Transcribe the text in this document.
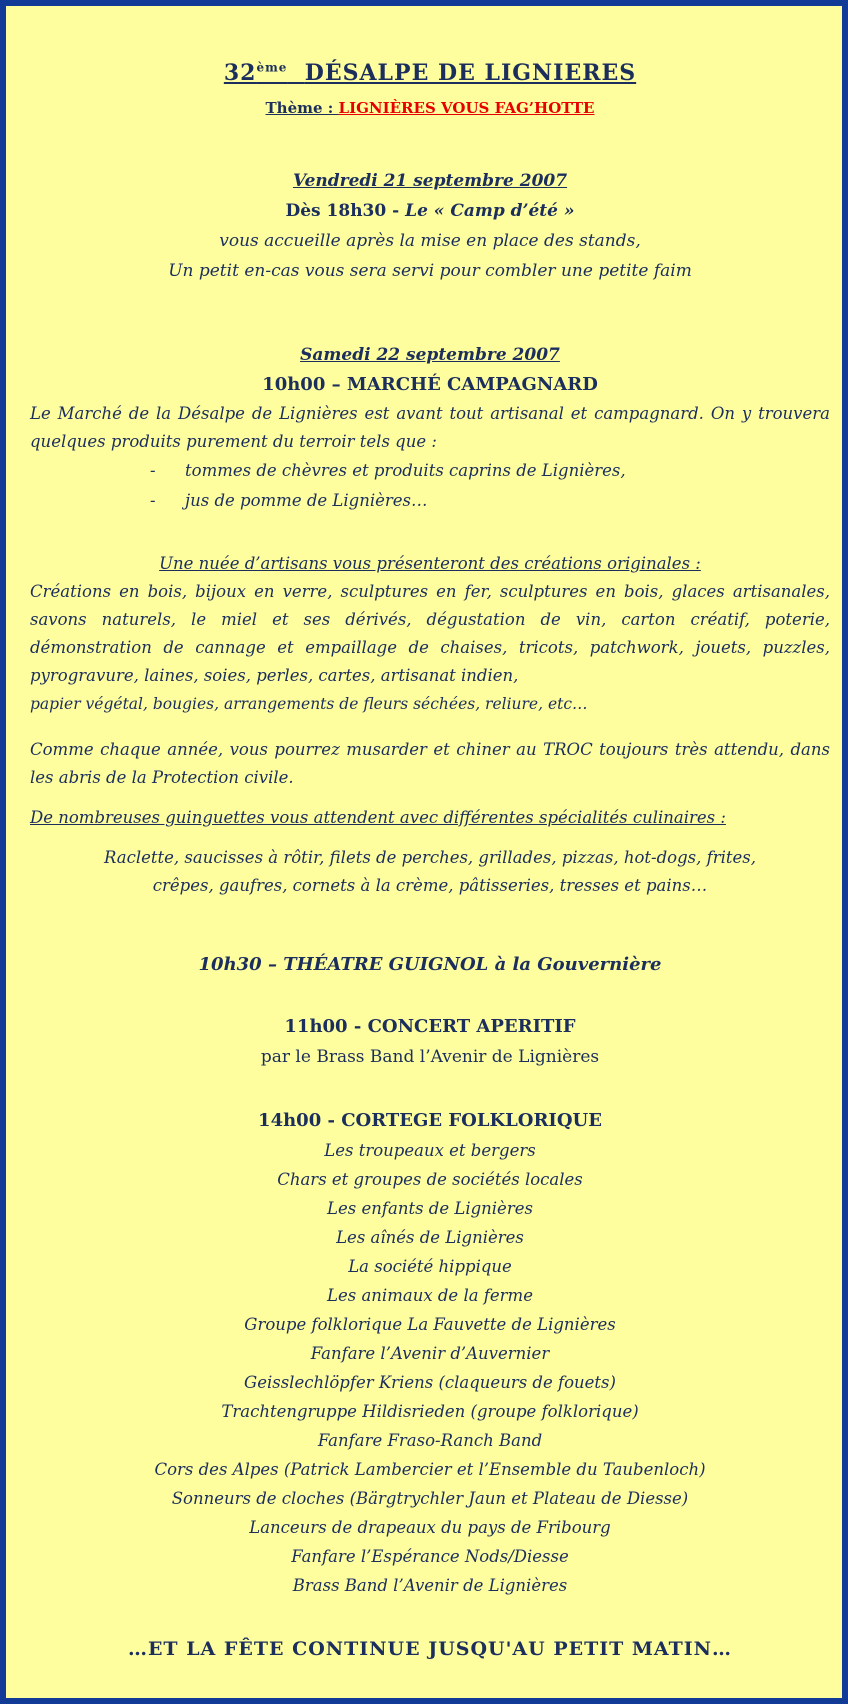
32ème DÉSALPE DE LIGNIERES
Thème : LIGNIÈRES VOUS FAG’HOTTE
Vendredi 21 septembre 2007
Dès 18h30 - Le « Camp d’été »
vous accueille après la mise en place des stands,
Un petit en-cas vous sera servi pour combler une petite faim
Samedi 22 septembre 2007
10h00 – MARCHÉ CAMPAGNARD
Le Marché de la Désalpe de Lignières est avant tout artisanal et campagnard. On y trouvera quelques produits purement du terroir tels que :
- tommes de chèvres et produits caprins de Lignières,
- jus de pomme de Lignières…
Une nuée d’artisans vous présenteront des créations originales :
Créations en bois, bijoux en verre, sculptures en fer, sculptures en bois, glaces artisanales, savons naturels, le miel et ses dérivés, dégustation de vin, carton créatif, poterie, démonstration de cannage et empaillage de chaises, tricots, patchwork, jouets, puzzles, pyrogravure, laines, soies, perles, cartes, artisanat indien,
papier végétal, bougies, arrangements de fleurs séchées, reliure, etc…
Comme chaque année, vous pourrez musarder et chiner au TROC toujours très attendu, dans les abris de la Protection civile.
De nombreuses guinguettes vous attendent avec différentes spécialités culinaires :
Raclette, saucisses à rôtir, filets de perches, grillades, pizzas, hot-dogs, frites,
crêpes, gaufres, cornets à la crème, pâtisseries, tresses et pains…
10h30 – THÉATRE GUIGNOL à la Gouvernière
11h00 - CONCERT APERITIF
par le Brass Band l’Avenir de Lignières
14h00 - CORTEGE FOLKLORIQUE
Les troupeaux et bergers
Chars et groupes de sociétés locales
Les enfants de Lignières
Les aînés de Lignières
La société hippique
Les animaux de la ferme
Groupe folklorique La Fauvette de Lignières
Fanfare l’Avenir d’Auvernier
Geisslechlöpfer Kriens (claqueurs de fouets)
Trachtengruppe Hildisrieden (groupe folklorique)
Fanfare Fraso-Ranch Band
Cors des Alpes (Patrick Lambercier et l’Ensemble du Taubenloch)
Sonneurs de cloches (Bärgtrychler Jaun et Plateau de Diesse)
Lanceurs de drapeaux du pays de Fribourg
Fanfare l’Espérance Nods/Diesse
Brass Band l’Avenir de Lignières
…ET LA FÊTE CONTINUE JUSQU'AU PETIT MATIN…
